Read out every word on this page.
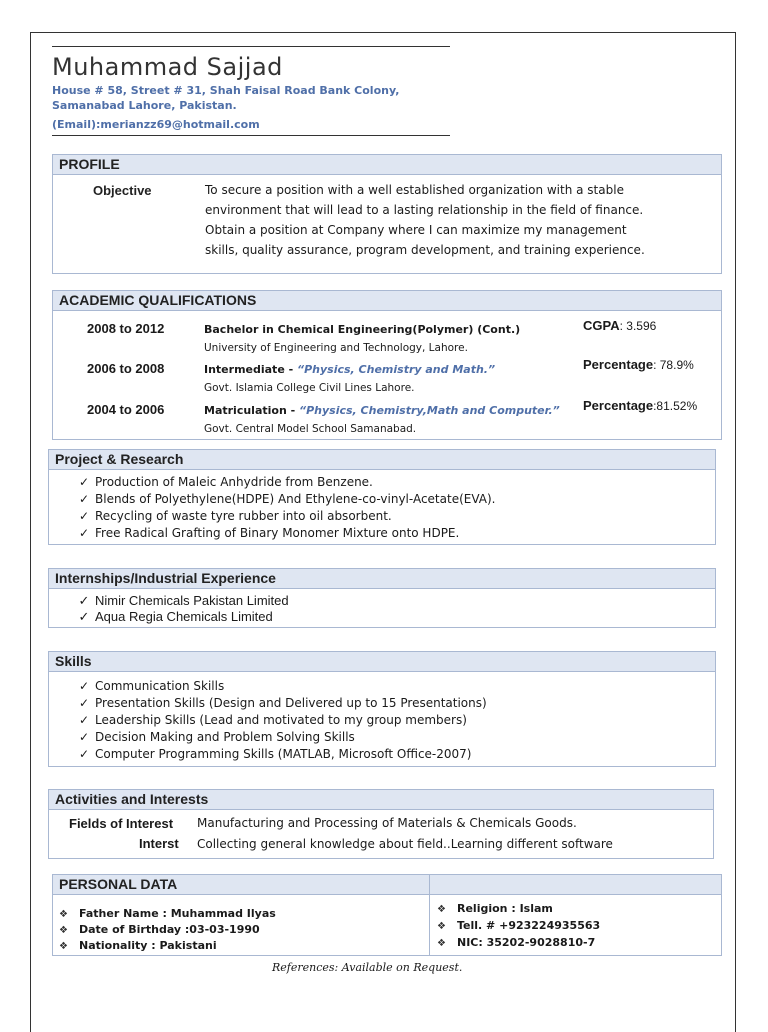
Muhammad Sajjad
House # 58, Street # 31, Shah Faisal Road Bank Colony,
Samanabad Lahore, Pakistan.
(Email):merianzz69@hotmail.com
PROFILE
Objective	To secure a position with a well established organization with a stable
environment that will lead to a lasting relationship in the field of finance.
Obtain a position at Company where I can maximize my management
skills, quality assurance, program development, and training experience.
ACADEMIC QUALIFICATIONS
2008 to 2012	Bachelor in Chemical Engineering(Polymer) (Cont.)
University of Engineering and Technology, Lahore.
CGPA: 3.596
2006 to 2008	Intermediate - “Physics, Chemistry and Math.”
Govt. Islamia College Civil Lines Lahore.
Percentage: 78.9%
2004 to 2006	Matriculation - “Physics, Chemistry,Math and Computer.”
Govt. Central Model School Samanabad.
Percentage:81.52%
Project & Research
✓ Production of Maleic Anhydride from Benzene.
✓ Blends of Polyethylene(HDPE) And Ethylene-co-vinyl-Acetate(EVA).
✓ Recycling of waste tyre rubber into oil absorbent.
✓ Free Radical Grafting of Binary Monomer Mixture onto HDPE.
Internships/Industrial Experience
✓ Nimir Chemicals Pakistan Limited
✓ Aqua Regia Chemicals Limited
Skills
✓ Communication Skills
✓ Presentation Skills (Design and Delivered up to 15 Presentations)
✓ Leadership Skills (Lead and motivated to my group members)
✓ Decision Making and Problem Solving Skills
✓ Computer Programming Skills (MATLAB, Microsoft Office-2007)
Activities and Interests
Fields of Interest Manufacturing and Processing of Materials & Chemicals Goods.
Interst Collecting general knowledge about field..Learning different software
PERSONAL DATA
❖ Father Name : Muhammad Ilyas
❖ Date of Birthday :03-03-1990
❖ Nationality : Pakistani
❖ Religion : Islam
❖ Tell. # +923224935563
❖ NIC: 35202-9028810-7
References: Available on Request.
